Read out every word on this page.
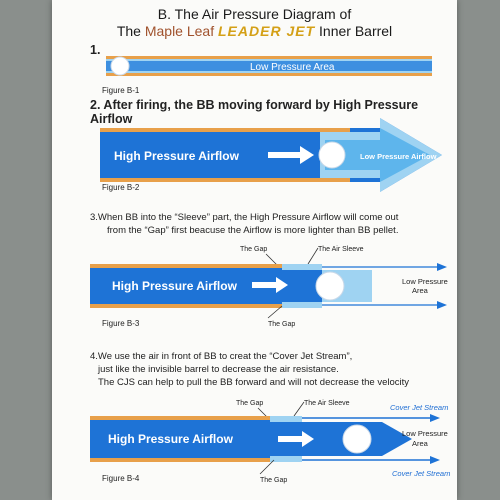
B. The Air Pressure Diagram of
The Maple Leaf LEADER JET Inner Barrel
1.
Low Pressure Area
Figure B-1
2. After firing, the BB moving forward by High Pressure Airflow
High Pressure Airflow	Low Pressure Airflow
Figure B-2
3.When BB into the “Sleeve” part, the High Pressure Airflow will come out
from the “Gap” first beacuse the Airflow is more lighter than BB pellet.
The Gap	The Air Sleeve
High Pressure Airflow	Low Pressure
Area
The Gap
Figure B-3
4.We use the air in front of BB to creat the “Cover Jet Stream”,
just like the invisible barrel to decrease the air resistance.
The CJS can help to pull the BB forward and will not decrease the velocity
The Gap	The Air Sleeve	Cover Jet Stream
High Pressure Airflow	Low Pressure
Area
The Gap
Cover Jet Stream
Figure B-4
